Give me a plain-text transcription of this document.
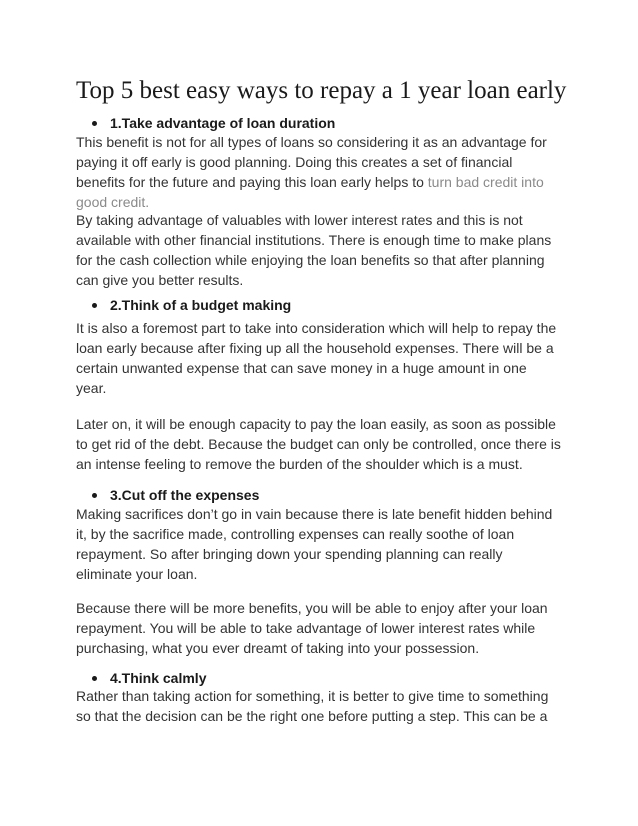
Top 5 best easy ways to repay a 1 year loan early
1.Take advantage of loan duration
This benefit is not for all types of loans so considering it as an advantage for
paying it off early is good planning. Doing this creates a set of financial
benefits for the future and paying this loan early helps to turn bad credit into
good credit.
By taking advantage of valuables with lower interest rates and this is not
available with other financial institutions. There is enough time to make plans
for the cash collection while enjoying the loan benefits so that after planning
can give you better results.
2.Think of a budget making
It is also a foremost part to take into consideration which will help to repay the
loan early because after fixing up all the household expenses. There will be a
certain unwanted expense that can save money in a huge amount in one
year.
Later on, it will be enough capacity to pay the loan easily, as soon as possible
to get rid of the debt. Because the budget can only be controlled, once there is
an intense feeling to remove the burden of the shoulder which is a must.
3.Cut off the expenses
Making sacrifices don’t go in vain because there is late benefit hidden behind
it, by the sacrifice made, controlling expenses can really soothe of loan
repayment. So after bringing down your spending planning can really
eliminate your loan.
Because there will be more benefits, you will be able to enjoy after your loan
repayment. You will be able to take advantage of lower interest rates while
purchasing, what you ever dreamt of taking into your possession.
4.Think calmly
Rather than taking action for something, it is better to give time to something
so that the decision can be the right one before putting a step. This can be a
